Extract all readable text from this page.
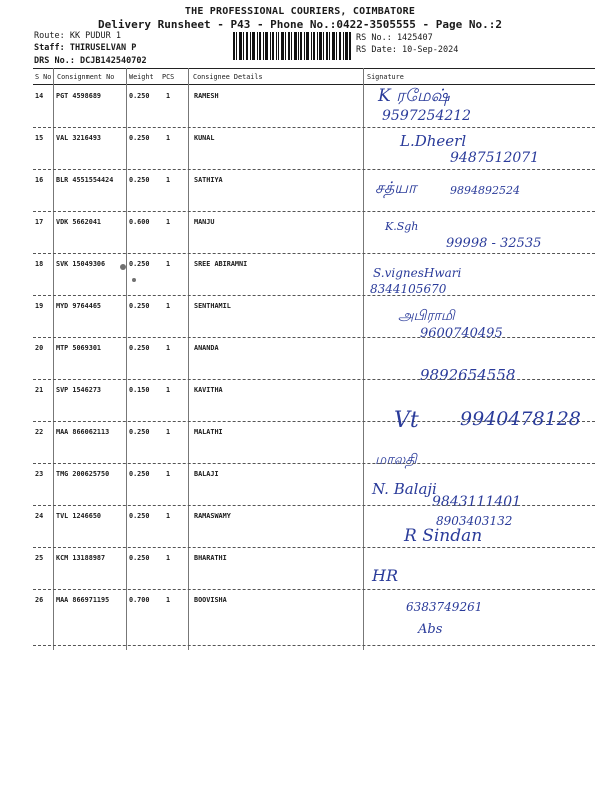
THE PROFESSIONAL COURIERS, COIMBATORE
Delivery Runsheet - P43 - Phone No.:0422-3505555 - Page No.:2
Route: KK PUDUR 1
Staff: THIRUSELVAN P
DRS No.: DCJB142540702
RS No.: 1425407
RS Date: 10-Sep-2024
S No Consignment No Weight PCS	Consignee Details	Signature
14 PGT 4598689	0.250 1	RAMESH	K ரமேஷ்
9597254212
15 VAL 3216493	0.250 1	KUNAL	L.Dheerl
9487512071
16 BLR 4551554424 0.250 1	SATHIYA	சத்யா	9894892524
17 VDK 5662041	0.600 1	MANJU	K.Sgh
99998 - 32535
18 SVK 15049306	0.250 1	SREE ABIRAMNI
S.vignesHwari
8344105670
19 MYD 9764465	0.250 1	SENTHAMIL
அபிராமி
9600740495
20 MTP 5069301	0.250 1	ANANDA
9892654558
21 SVP 1546273	0.150 1	KAVITHA
Vt 9940478128
22 MAA 866062113	0.250 1	MALATHI
மாலதி
23 TMG 200625750	0.250 1	BALAJI
N. Balaji
9843111401
24 TVL 1246650	0.250 1	RAMASWAMY	8903403132
R Sindan
25 KCM 13188987	0.250 1	BHARATHI
HR
26 MAA 866971195	0.700 1	BOOVISHA	6383749261
Abs
